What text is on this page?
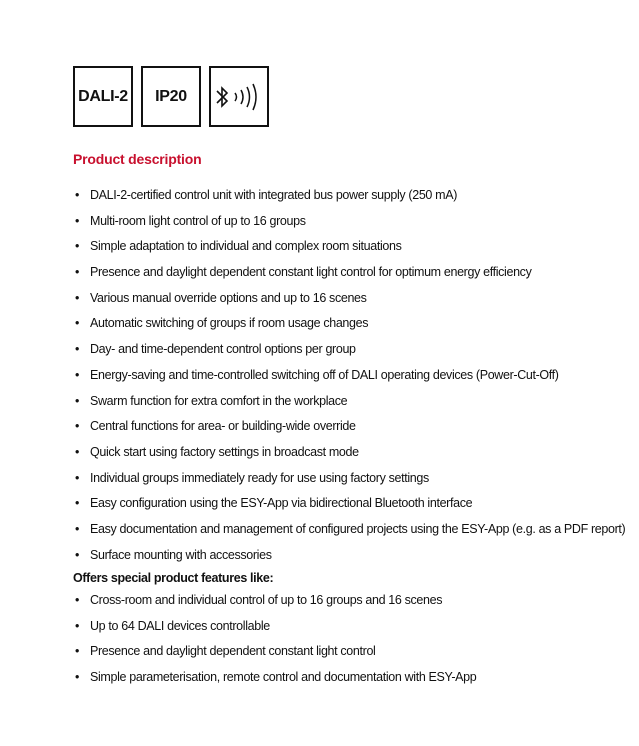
DALI-2	IP20
Product description
• DALI-2-certified control unit with integrated bus power supply (250 mA)
• Multi-room light control of up to 16 groups
• Simple adaptation to individual and complex room situations
• Presence and daylight dependent constant light control for optimum energy efficiency
• Various manual override options and up to 16 scenes
• Automatic switching of groups if room usage changes
• Day- and time-dependent control options per group
• Energy-saving and time-controlled switching off of DALI operating devices (Power-Cut-Off)
• Swarm function for extra comfort in the workplace
• Central functions for area- or building-wide override
• Quick start using factory settings in broadcast mode
• Individual groups immediately ready for use using factory settings
• Easy configuration using the ESY-App via bidirectional Bluetooth interface
• Easy documentation and management of configured projects using the ESY-App (e.g. as a PDF report)
• Surface mounting with accessories
Offers special product features like:
• Cross-room and individual control of up to 16 groups and 16 scenes
• Up to 64 DALI devices controllable
• Presence and daylight dependent constant light control
• Simple parameterisation, remote control and documentation with ESY-App
